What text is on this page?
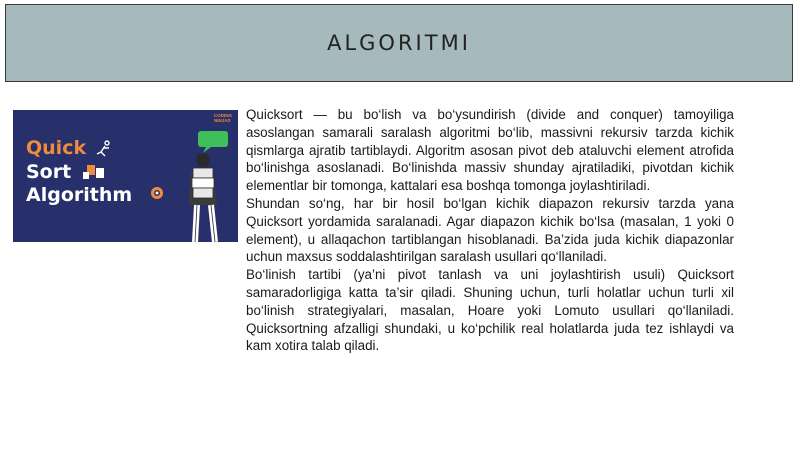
ALGORITMI
CODING
NINJAS
Quick
Sort
Algorithm

Quicksort — bu bo‘lish va bo‘ysundirish (divide and conquer) tamoyiliga asoslangan samarali saralash algoritmi bo‘lib, massivni rekursiv tarzda kichik qismlarga ajratib tartiblaydi. Algoritm asosan pivot deb ataluvchi element atrofida bo‘linishga asoslanadi. Bo‘linishda massiv shunday ajratiladiki, pivotdan kichik elementlar bir tomonga, kattalari esa boshqa tomonga joylashtiriladi.

Shundan so‘ng, har bir hosil bo‘lgan kichik diapazon rekursiv tarzda yana Quicksort yordamida saralanadi. Agar diapazon kichik bo‘lsa (masalan, 1 yoki 0 element), u allaqachon tartiblangan hisoblanadi. Ba’zida juda kichik diapazonlar uchun maxsus soddalashtirilgan saralash usullari qo‘llaniladi.

Bo‘linish tartibi (ya’ni pivot tanlash va uni joylashtirish usuli) Quicksort samaradorligiga katta ta’sir qiladi. Shuning uchun, turli holatlar uchun turli xil bo‘linish strategiyalari, masalan, Hoare yoki Lomuto usullari qo‘llaniladi. Quicksortning afzalligi shundaki, u ko‘pchilik real holatlarda juda tez ishlaydi va kam xotira talab qiladi.
